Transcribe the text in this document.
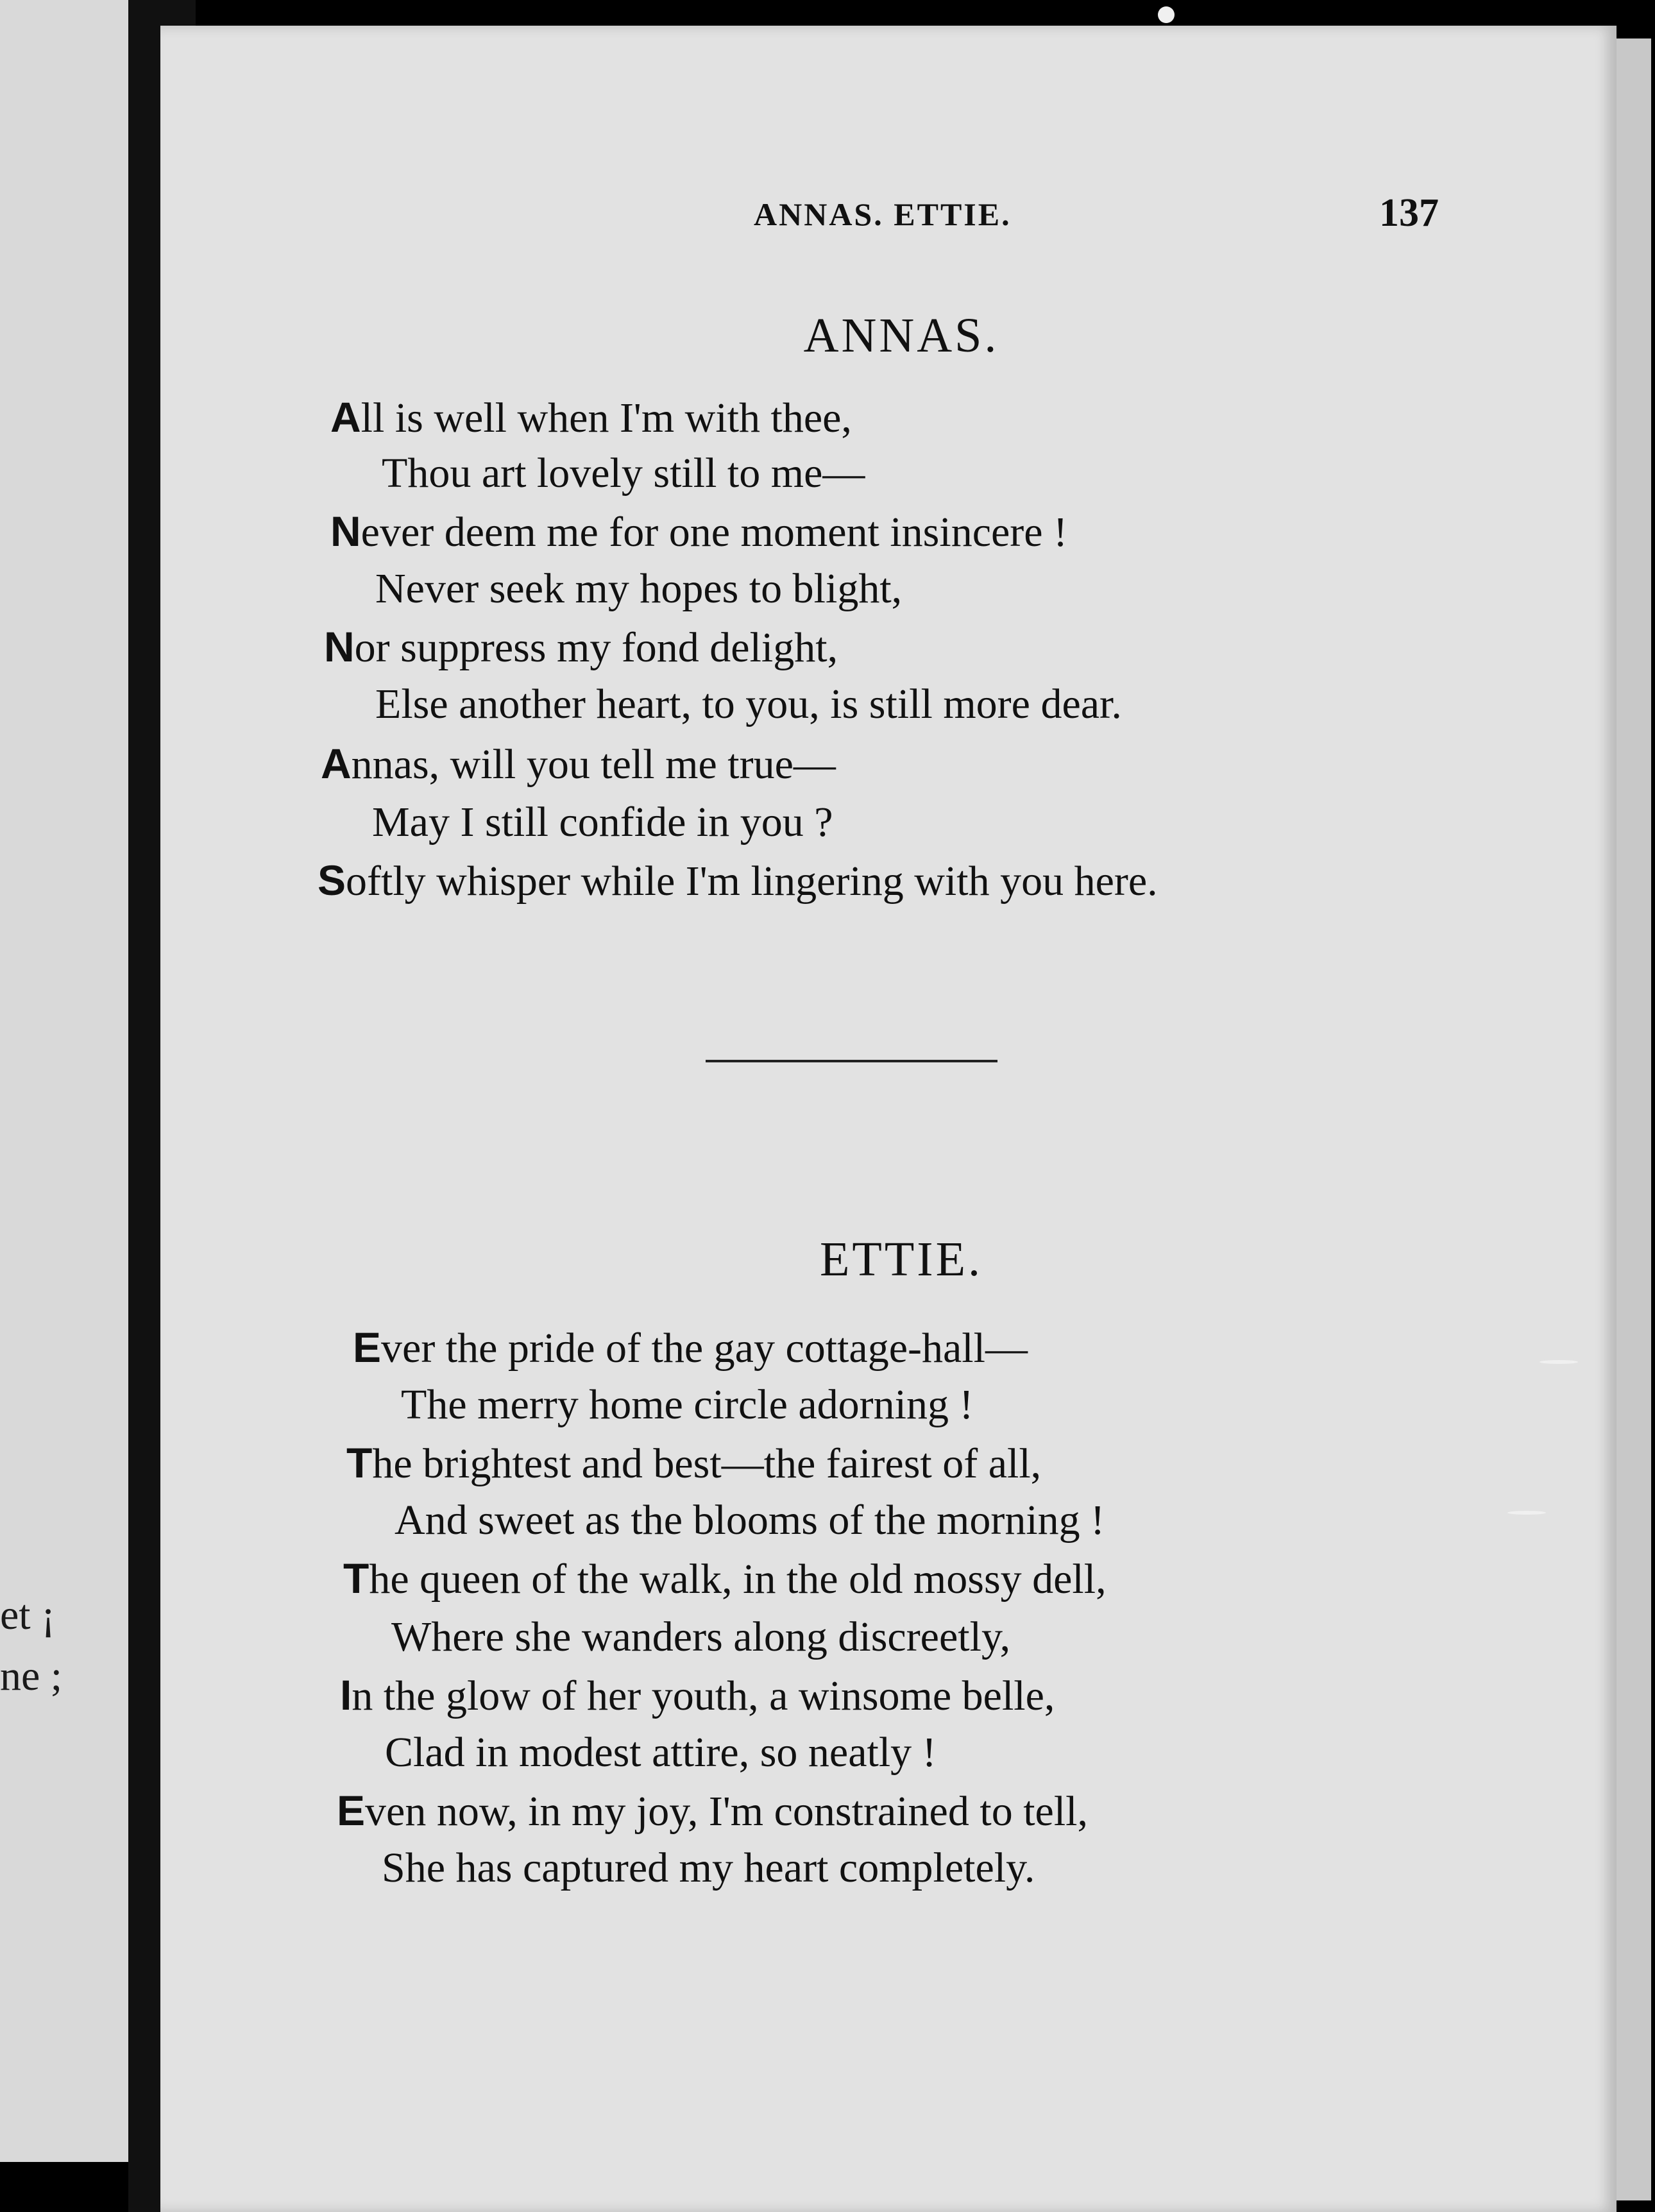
et ¡
ne ;
ANNAS. ETTIE.	137
ANNAS.
All is well when I'm with thee,
Thou art lovely still to me—
Never deem me for one moment insincere !
Never seek my hopes to blight,
Nor suppress my fond delight,
Else another heart, to you, is still more dear.
Annas, will you tell me true—
May I still confide in you ?
Softly whisper while I'm lingering with you here.
ETTIE.
Ever the pride of the gay cottage-hall—
The merry home circle adorning !
The brightest and best—the fairest of all,
And sweet as the blooms of the morning !
The queen of the walk, in the old mossy dell,
Where she wanders along discreetly,
In the glow of her youth, a winsome belle,
Clad in modest attire, so neatly !
Even now, in my joy, I'm constrained to tell,
She has captured my heart completely.
